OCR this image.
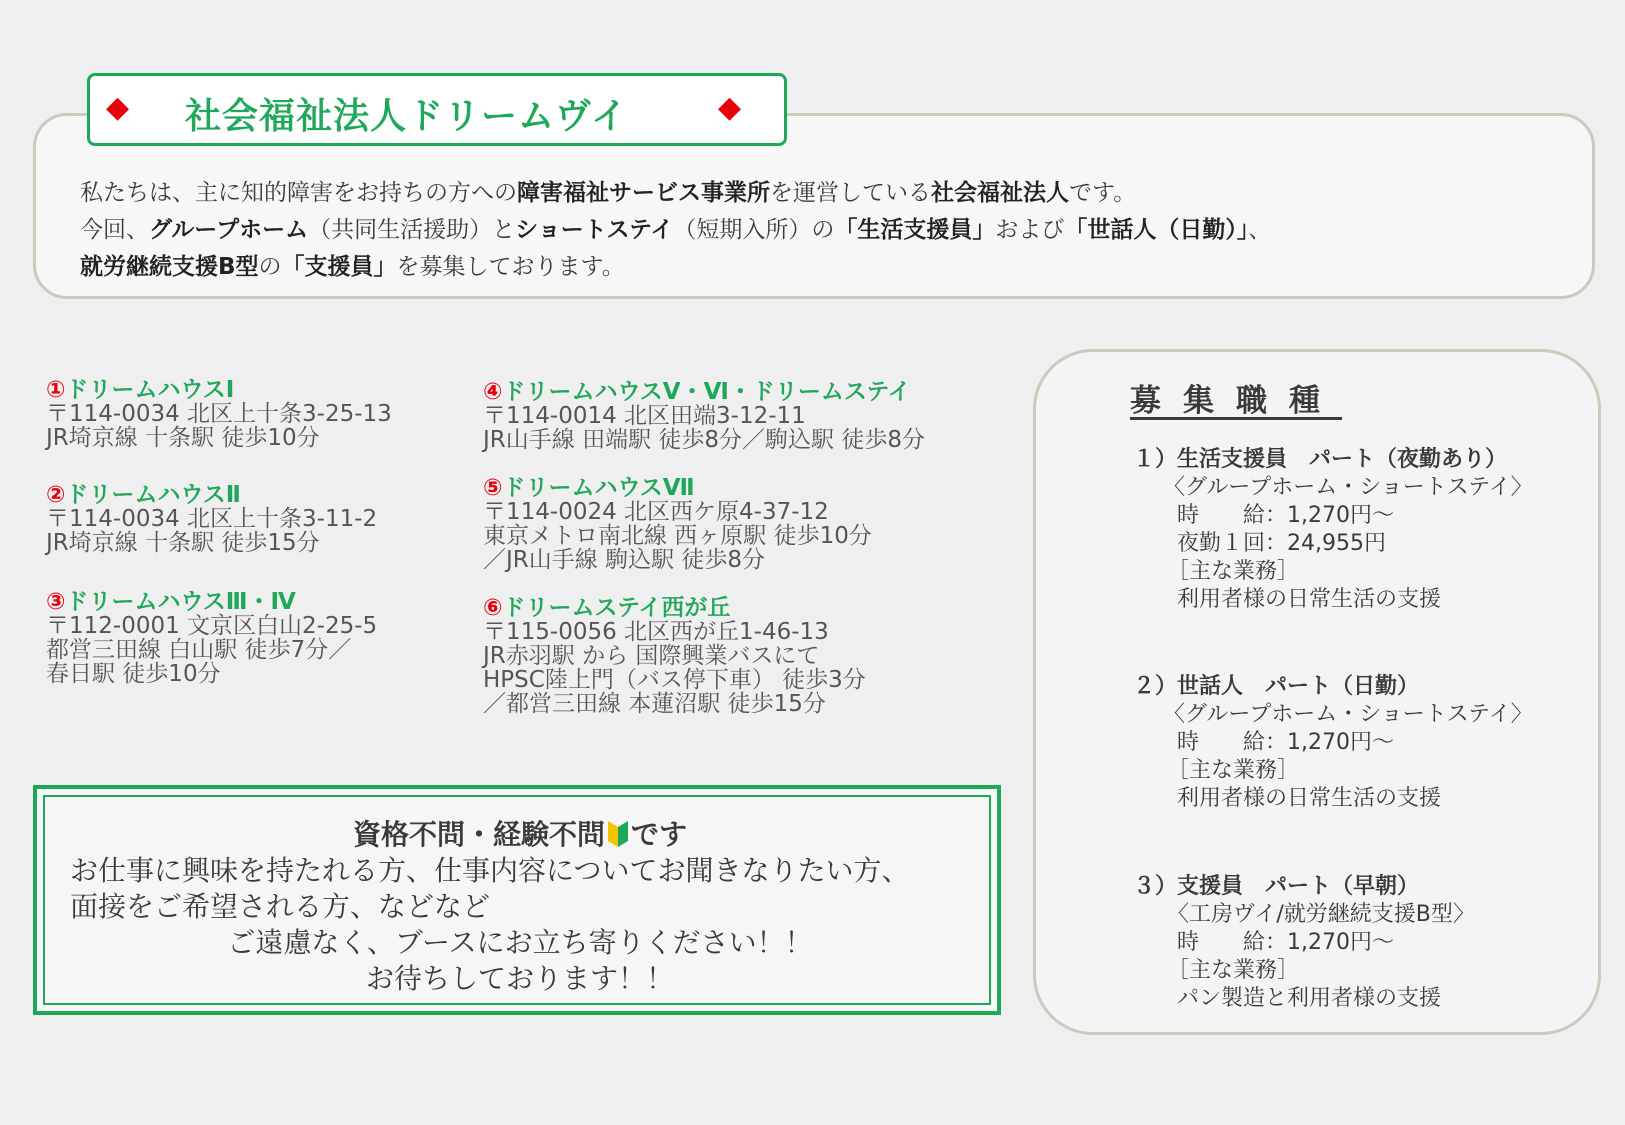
◆ 社会福祉法人ドリームヴイ	◆
私たちは、主に知的障害をお持ちの方への障害福祉サービス事業所を運営している社会福祉法人です。
今回、グループホーム（共同生活援助）とショートステイ（短期入所）の「生活支援員」および「世話人（日勤）」、
就労継続支援B型の「支援員」を募集しております。
①ドリームハウスⅠ
〒114-0034 北区上十条3-25-13
JR埼京線 十条駅 徒歩10分
②ドリームハウスⅡ
〒114-0034 北区上十条3-11-2
JR埼京線 十条駅 徒歩15分
③ドリームハウスⅢ・Ⅳ
〒112-0001 文京区白山2-25-5
都営三田線 白山駅 徒歩7分／
春日駅 徒歩10分
④ドリームハウスⅤ・Ⅵ・ドリームステイ
〒114-0014 北区田端3-12-11
JR山手線 田端駅 徒歩8分／駒込駅 徒歩8分
⑤ドリームハウスⅦ
〒114-0024 北区西ケ原4-37-12
東京メトロ南北線 西ヶ原駅 徒歩10分
／JR山手線 駒込駅 徒歩8分
⑥ドリームステイ西が丘
〒115-0056 北区西が丘1-46-13
JR赤羽駅 から 国際興業バスにて
HPSC陸上門（バス停下車） 徒歩3分
／都営三田線 本蓮沼駅 徒歩15分
募集職種
１）生活支援員　パート（夜勤あり）
〈グループホーム・ショートステイ〉
時　　給：1,270円～
夜勤１回：24,955円
［主な業務］
利用者様の日常生活の支援
２）世話人　パート（日勤）
〈グループホーム・ショートステイ〉
時　　給：1,270円～
［主な業務］
利用者様の日常生活の支援
３）支援員　パート（早朝）
〈工房ヴイ/就労継続支援B型〉
時　　給：1,270円～
［主な業務］
パン製造と利用者様の支援
資格不問・経験不問 です
お仕事に興味を持たれる方、仕事内容についてお聞きなりたい方、
面接をご希望される方、などなど
ご遠慮なく、ブースにお立ち寄りください！！
お待ちしております！！
